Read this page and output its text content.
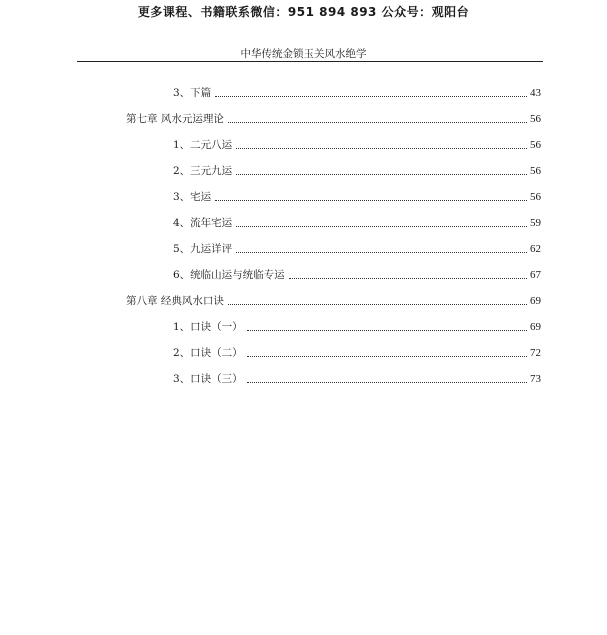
更多课程、书籍联系微信：951 894 893 公众号：观阳台
中华传统金锁玉关风水绝学
3、下篇	43
第七章 风水元运理论	56
1、二元八运	56
2、三元九运	56
3、宅运	56
4、流年宅运	59
5、九运详评	62
6、统临山运与统临专运	67
第八章 经典风水口诀	69
1、口诀（一）	69
2、口诀（二）	72
3、口诀（三）	73
